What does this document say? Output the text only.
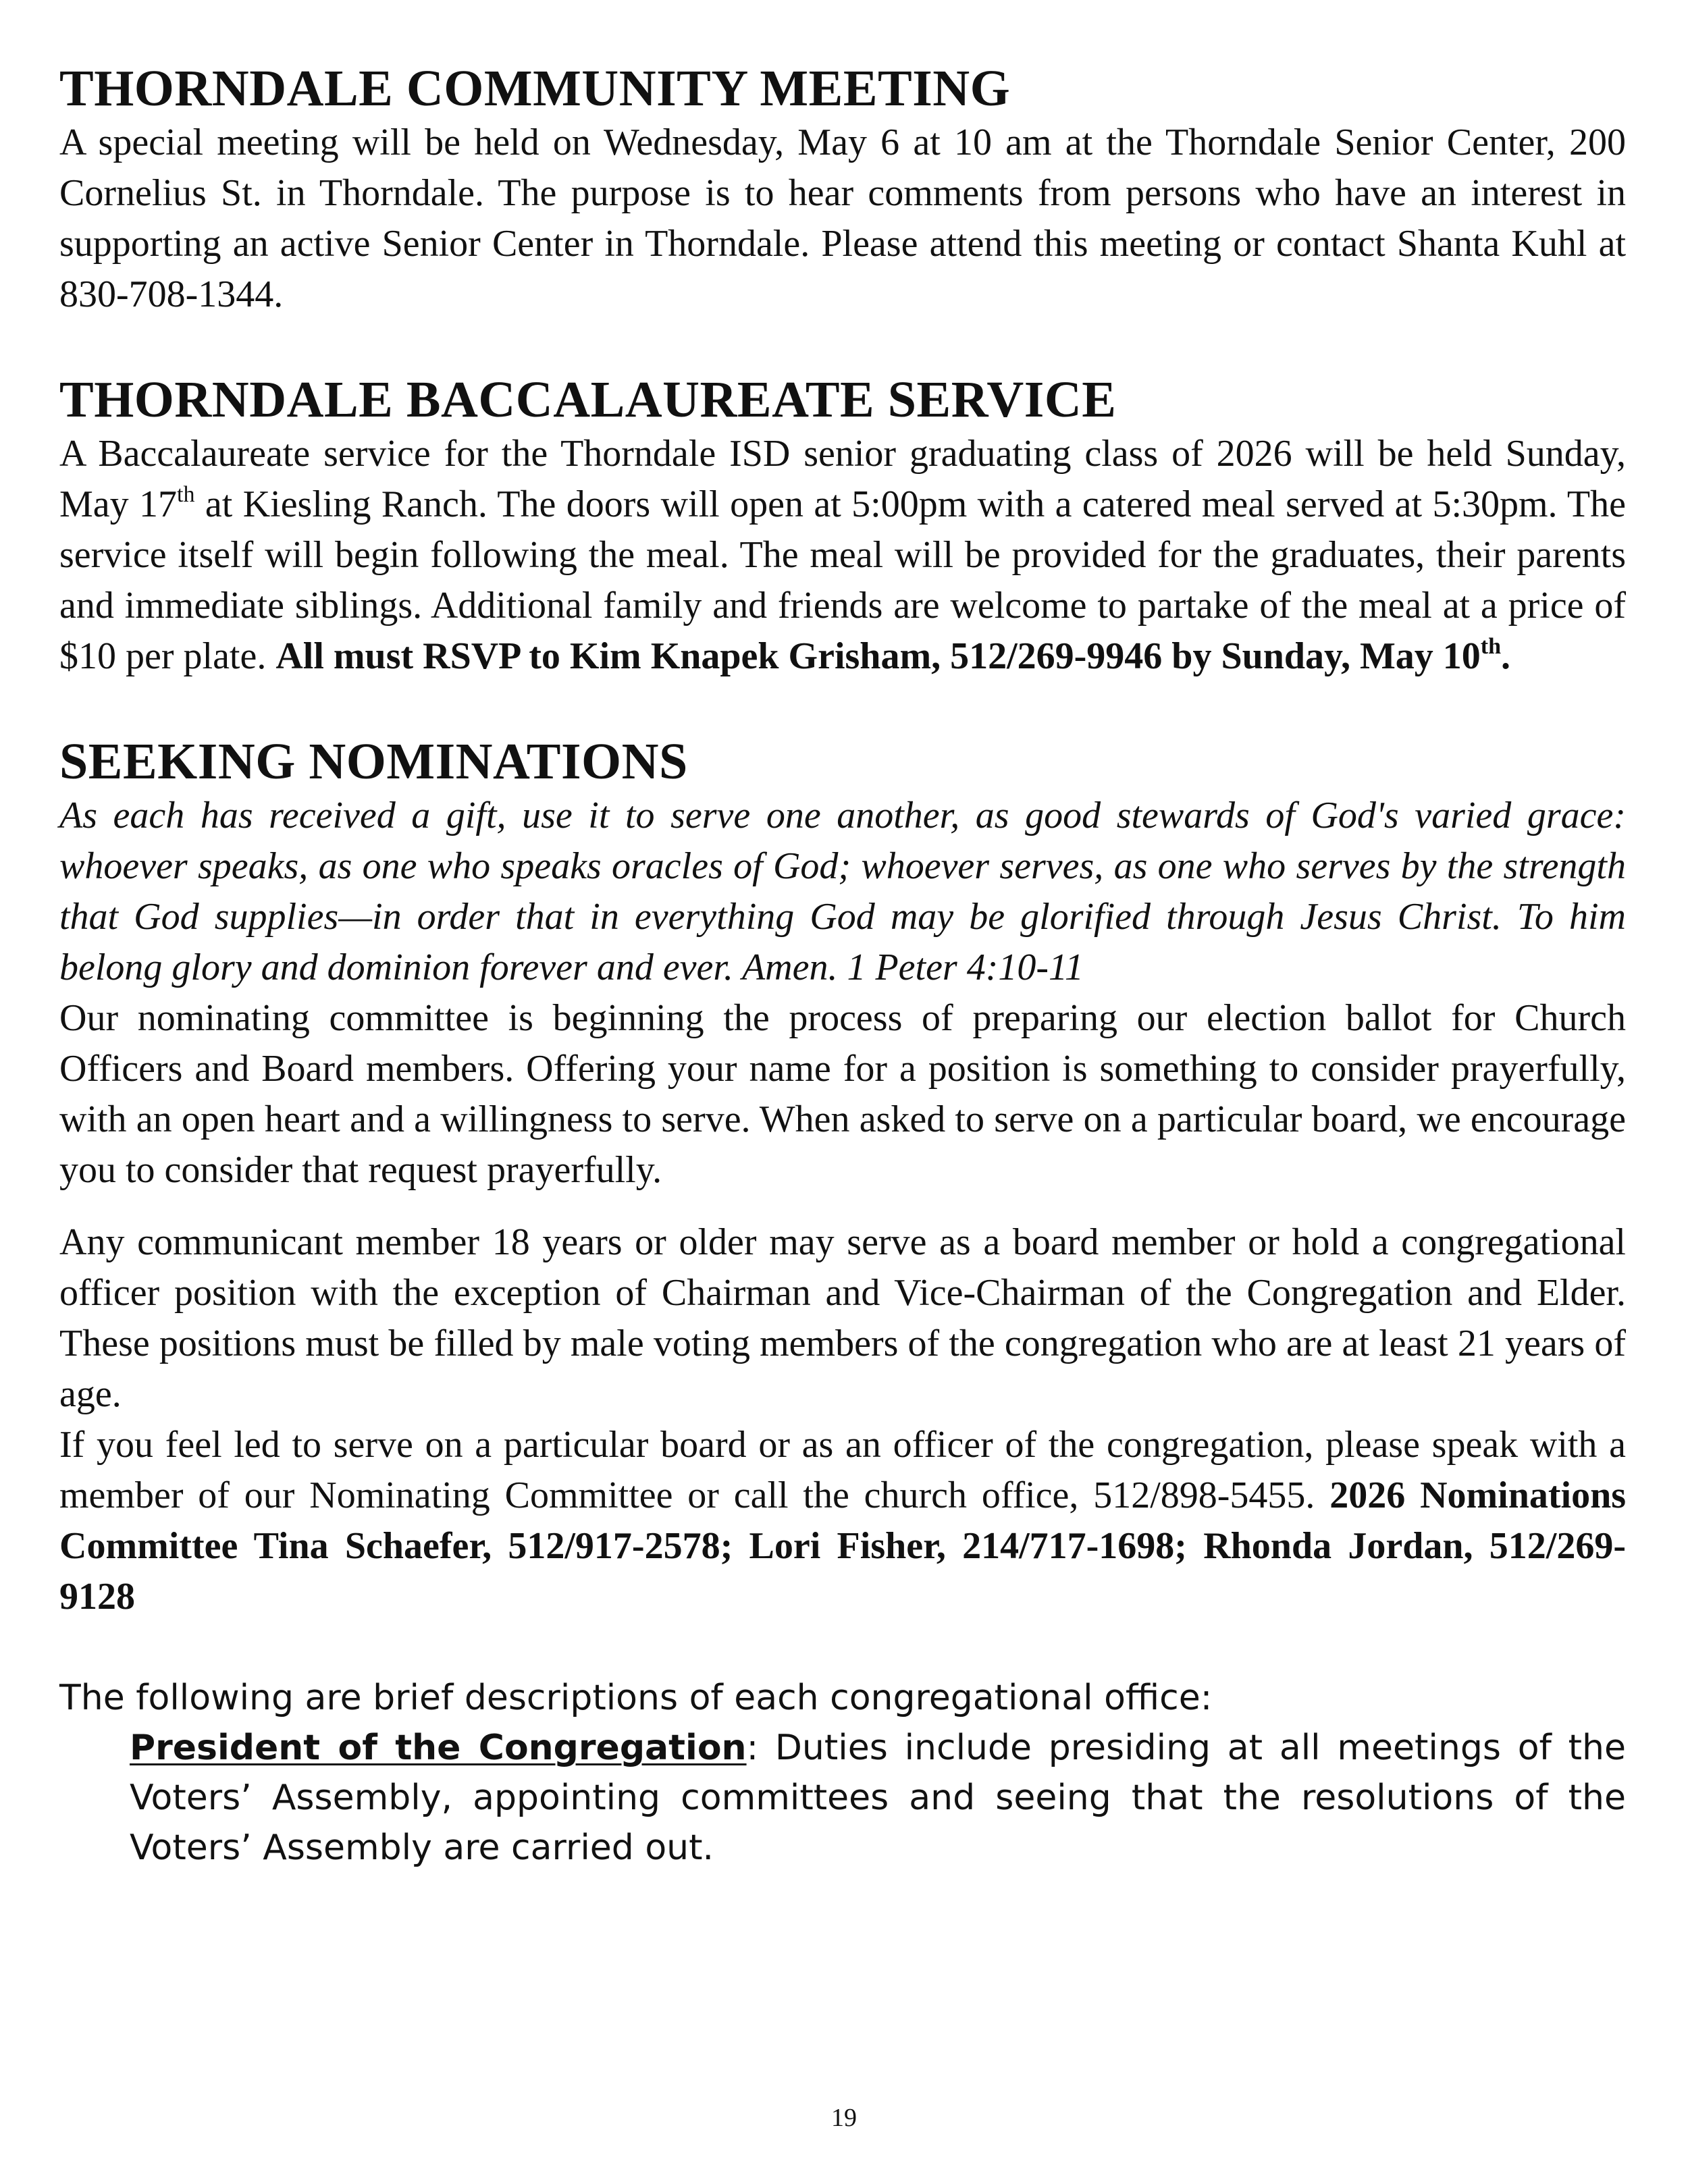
THORNDALE COMMUNITY MEETING

A special meeting will be held on Wednesday, May 6 at 10 am at the Thorndale Senior Center, 200 Cornelius St. in Thorndale. The purpose is to hear comments from persons who have an interest in supporting an active Senior Center in Thorndale. Please attend this meeting or contact Shanta Kuhl at 830-708-1344.

THORNDALE BACCALAUREATE SERVICE

A Baccalaureate service for the Thorndale ISD senior graduating class of 2026 will be held Sunday, May 17th at Kiesling Ranch. The doors will open at 5:00pm with a catered meal served at 5:30pm. The service itself will begin following the meal. The meal will be provided for the graduates, their parents and immediate siblings. Additional family and friends are welcome to partake of the meal at a price of $10 per plate. All must RSVP to Kim Knapek Grisham, 512/269-9946 by Sunday, May 10th.

SEEKING NOMINATIONS

As each has received a gift, use it to serve one another, as good stewards of God's varied grace: whoever speaks, as one who speaks oracles of God; whoever serves, as one who serves by the strength that God supplies—in order that in everything God may be glorified through Jesus Christ. To him belong glory and dominion forever and ever. Amen. 1 Peter 4:10-11

Our nominating committee is beginning the process of preparing our election ballot for Church Officers and Board members. Offering your name for a position is something to consider prayerfully, with an open heart and a willingness to serve. When asked to serve on a particular board, we encourage you to consider that request prayerfully.

Any communicant member 18 years or older may serve as a board member or hold a congregational officer position with the exception of Chairman and Vice-Chairman of the Congregation and Elder. These positions must be filled by male voting members of the congregation who are at least 21 years of age.

If you feel led to serve on a particular board or as an officer of the congregation, please speak with a member of our Nominating Committee or call the church office, 512/898-5455. 2026 Nominations Committee Tina Schaefer, 512/917-2578; Lori Fisher, 214/717-1698; Rhonda Jordan, 512/269-9128

The following are brief descriptions of each congregational office:

President of the Congregation: Duties include presiding at all meetings of the Voters’ Assembly, appointing committees and seeing that the resolutions of the Voters’ Assembly are carried out.

19
